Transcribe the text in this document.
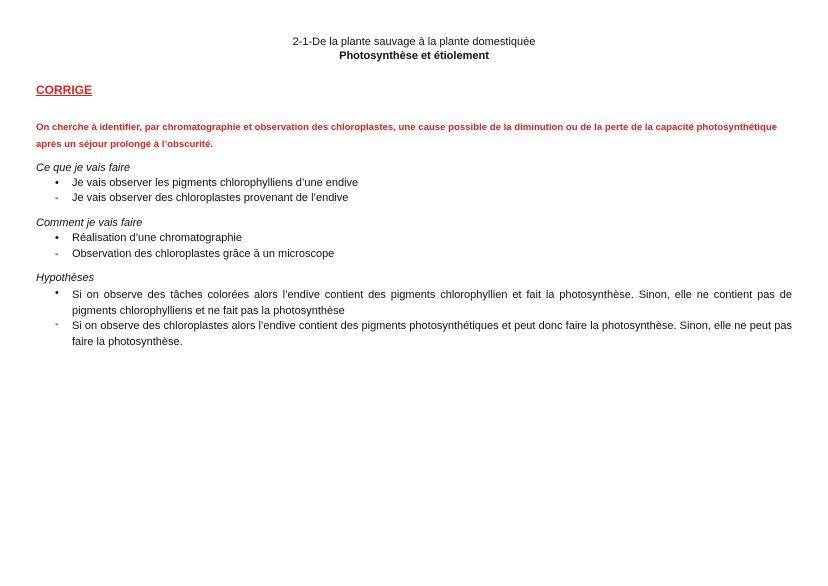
2-1-De la plante sauvage à la plante domestiquée
Photosynthèse et étiolement
CORRIGE
On cherche à identifier, par chromatographie et observation des chloroplastes, une cause possible de la diminution ou de la perte de la capacité photosynthétique après un séjour prolongé à l’obscurité.
Ce que je vais faire
• Je vais observer les pigments chlorophylliens d’une endive
- Je vais observer des chloroplastes provenant de l’endive
Comment je vais faire
• Réalisation d’une chromatographie
- Observation des chloroplastes grâce à un microscope
Hypothèses
• Si on observe des tâches colorées alors l’endive contient des pigments chlorophyllien et fait la photosynthèse. Sinon, elle ne contient pas de pigments chlorophylliens et ne fait pas la photosynthèse
- Si on observe des chloroplastes alors l’endive contient des pigments photosynthétiques et peut donc faire la photosynthèse. Sinon, elle ne peut pas faire la photosynthèse.
